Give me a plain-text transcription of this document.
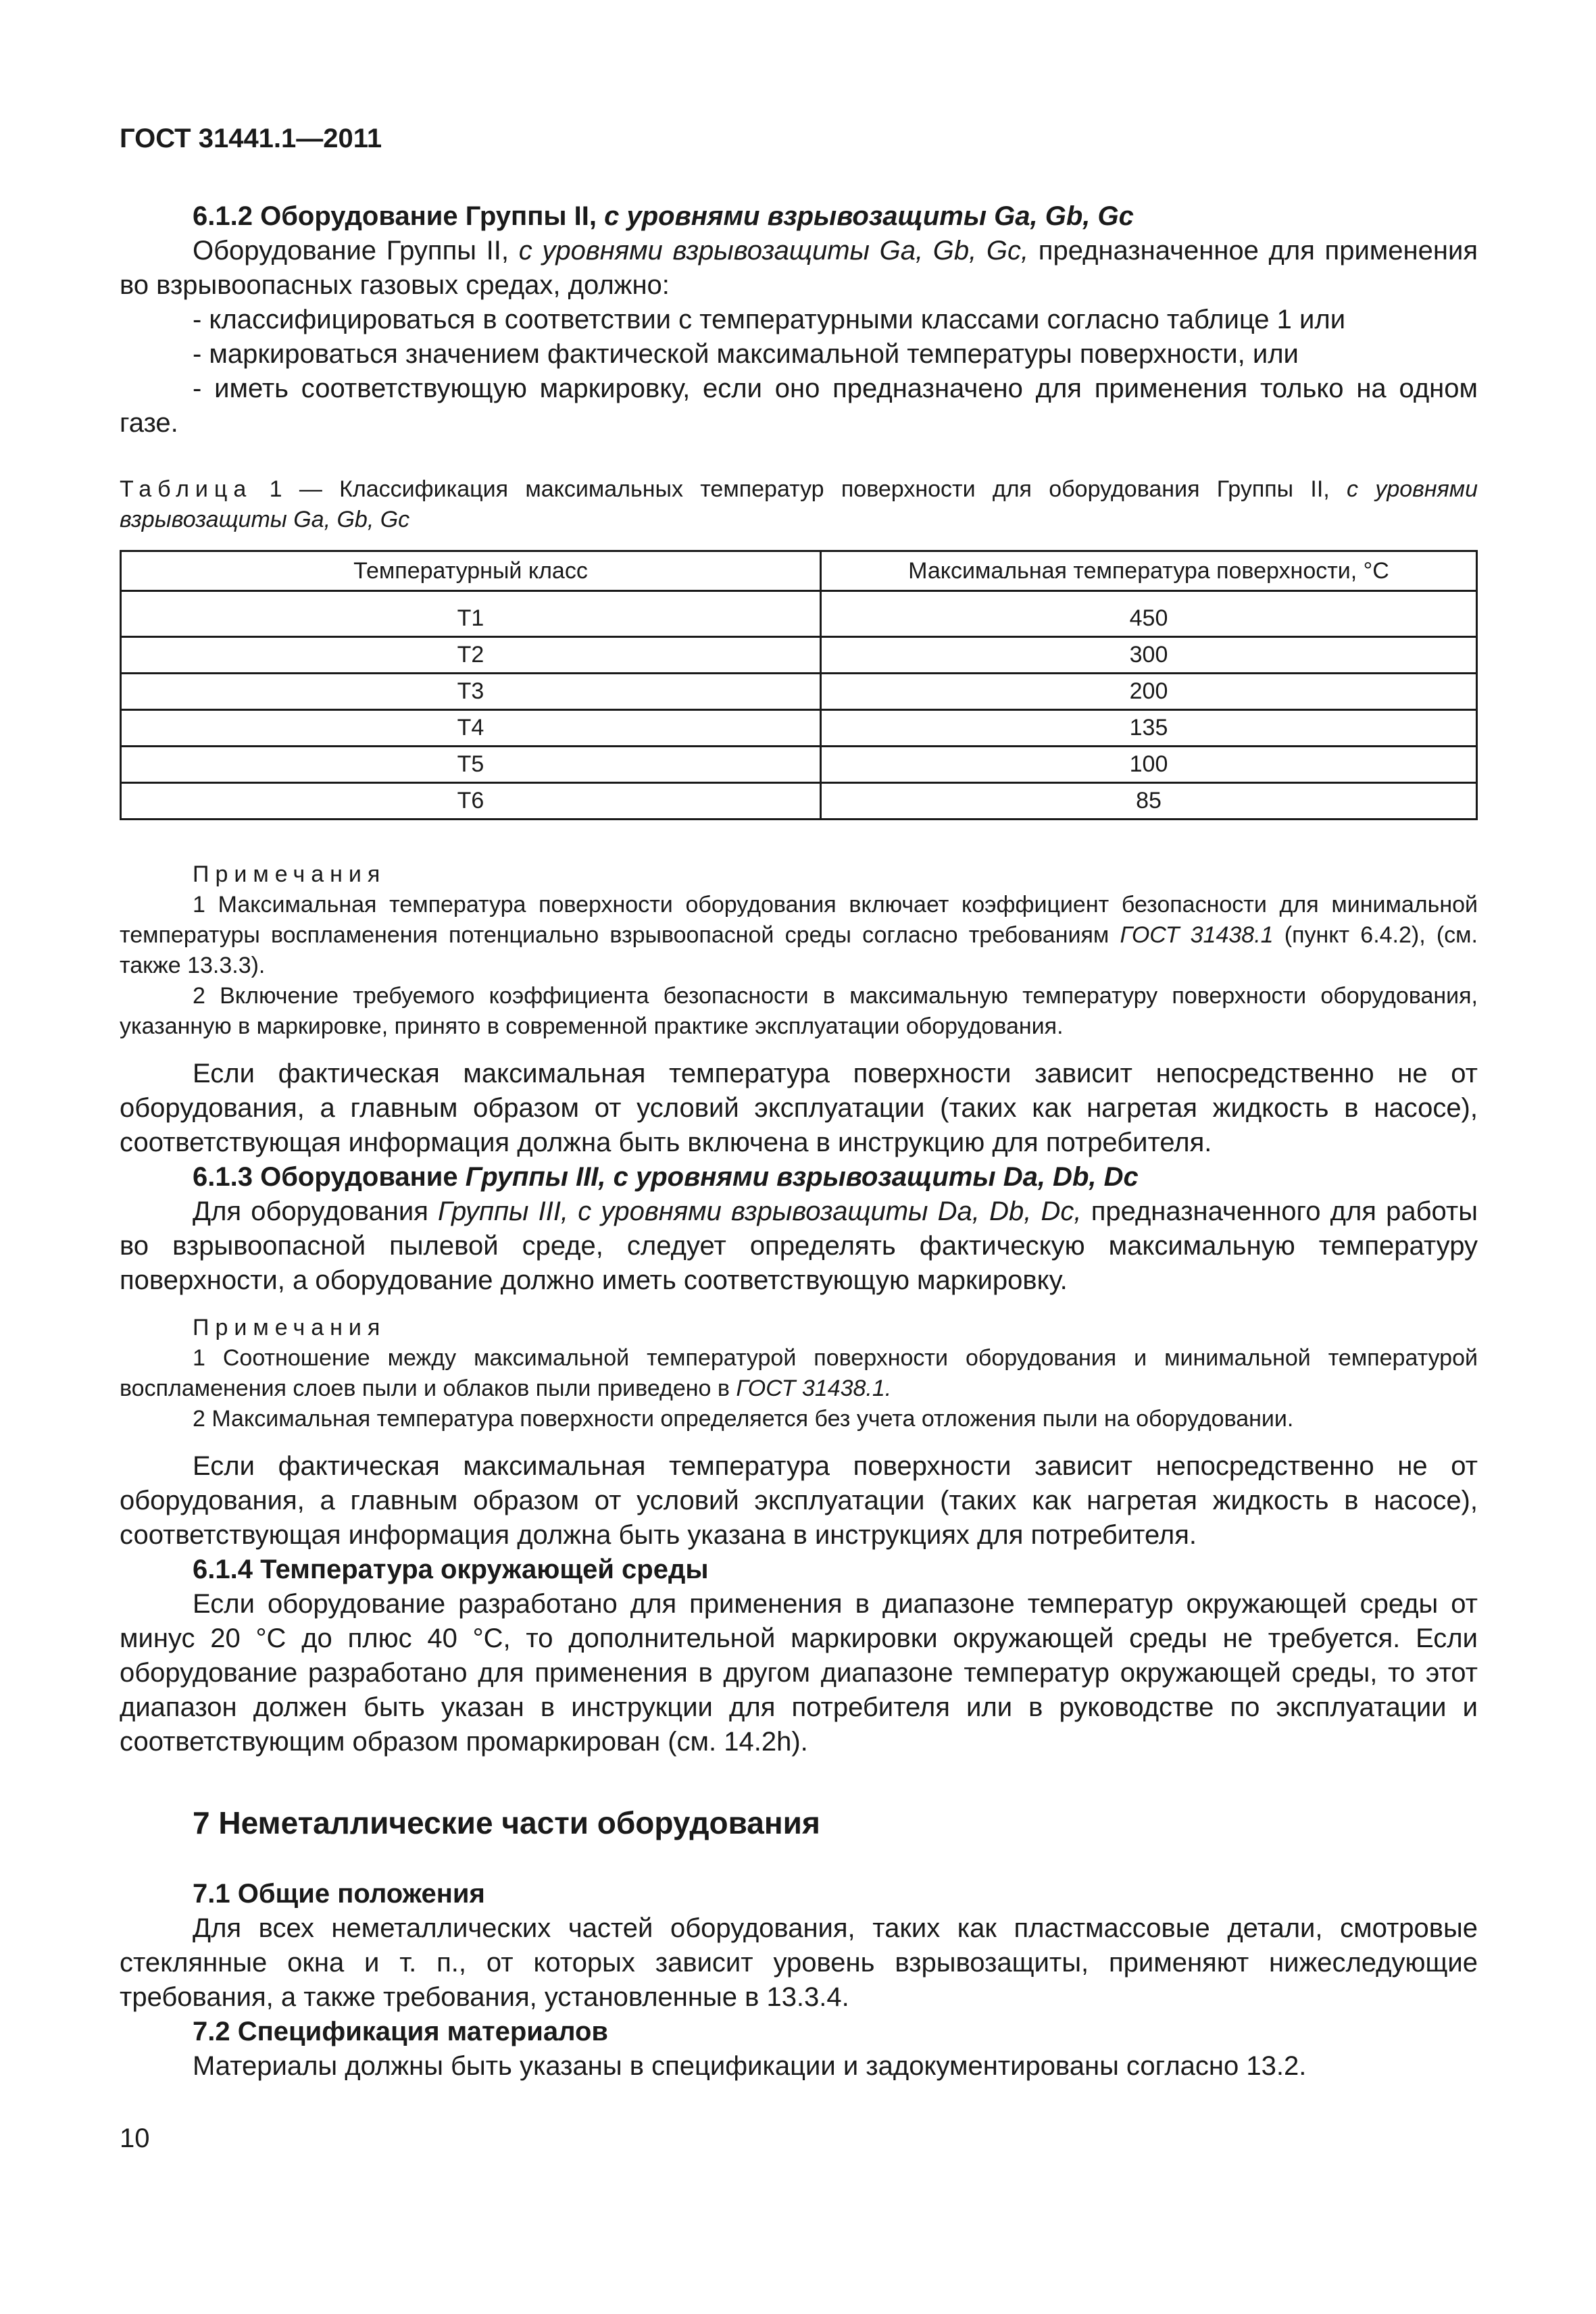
ГОСТ 31441.1—2011

6.1.2 Оборудование Группы II, с уровнями взрывозащиты Ga, Gb, Gc

Оборудование Группы II, с уровнями взрывозащиты Ga, Gb, Gc, предназначенное для применения во взрывоопасных газовых средах, должно:

- классифицироваться в соответствии с температурными классами согласно таблице 1 или

- маркироваться значением фактической максимальной температуры поверхности, или

- иметь соответствующую маркировку, если оно предназначено для применения только на одном газе.

Таблица 1 — Классификация максимальных температур поверхности для оборудования Группы II, с уровнями взрывозащиты Ga, Gb, Gc

Температурный класс	Максимальная температура поверхности, °С
Т1	450
Т2	300
Т3	200
Т4	135
Т5	100
Т6	85

Примечания

1 Максимальная температура поверхности оборудования включает коэффициент безопасности для минимальной температуры воспламенения потенциально взрывоопасной среды согласно требованиям ГОСТ 31438.1 (пункт 6.4.2), (см. также 13.3.3).

2 Включение требуемого коэффициента безопасности в максимальную температуру поверхности оборудования, указанную в маркировке, принято в современной практике эксплуатации оборудования.

Если фактическая максимальная температура поверхности зависит непосредственно не от оборудования, а главным образом от условий эксплуатации (таких как нагретая жидкость в насосе), соответствующая информация должна быть включена в инструкцию для потребителя.

6.1.3 Оборудование Группы III, с уровнями взрывозащиты Da, Db, Dc

Для оборудования Группы III, с уровнями взрывозащиты Da, Db, Dc, предназначенного для работы во взрывоопасной пылевой среде, следует определять фактическую максимальную температуру поверхности, а оборудование должно иметь соответствующую маркировку.

Примечания

1 Соотношение между максимальной температурой поверхности оборудования и минимальной температурой воспламенения слоев пыли и облаков пыли приведено в ГОСТ 31438.1.

2 Максимальная температура поверхности определяется без учета отложения пыли на оборудовании.

Если фактическая максимальная температура поверхности зависит непосредственно не от оборудования, а главным образом от условий эксплуатации (таких как нагретая жидкость в насосе), соответствующая информация должна быть указана в инструкциях для потребителя.

6.1.4 Температура окружающей среды

Если оборудование разработано для применения в диапазоне температур окружающей среды от минус 20 °С до плюс 40 °С, то дополнительной маркировки окружающей среды не требуется. Если оборудование разработано для применения в другом диапазоне температур окружающей среды, то этот диапазон должен быть указан в инструкции для потребителя или в руководстве по эксплуатации и соответствующим образом промаркирован (см. 14.2h).

7 Неметаллические части оборудования

7.1 Общие положения

Для всех неметаллических частей оборудования, таких как пластмассовые детали, смотровые стеклянные окна и т. п., от которых зависит уровень взрывозащиты, применяют нижеследующие требования, а также требования, установленные в 13.3.4.

7.2 Спецификация материалов

Материалы должны быть указаны в спецификации и задокументированы согласно 13.2.

10
